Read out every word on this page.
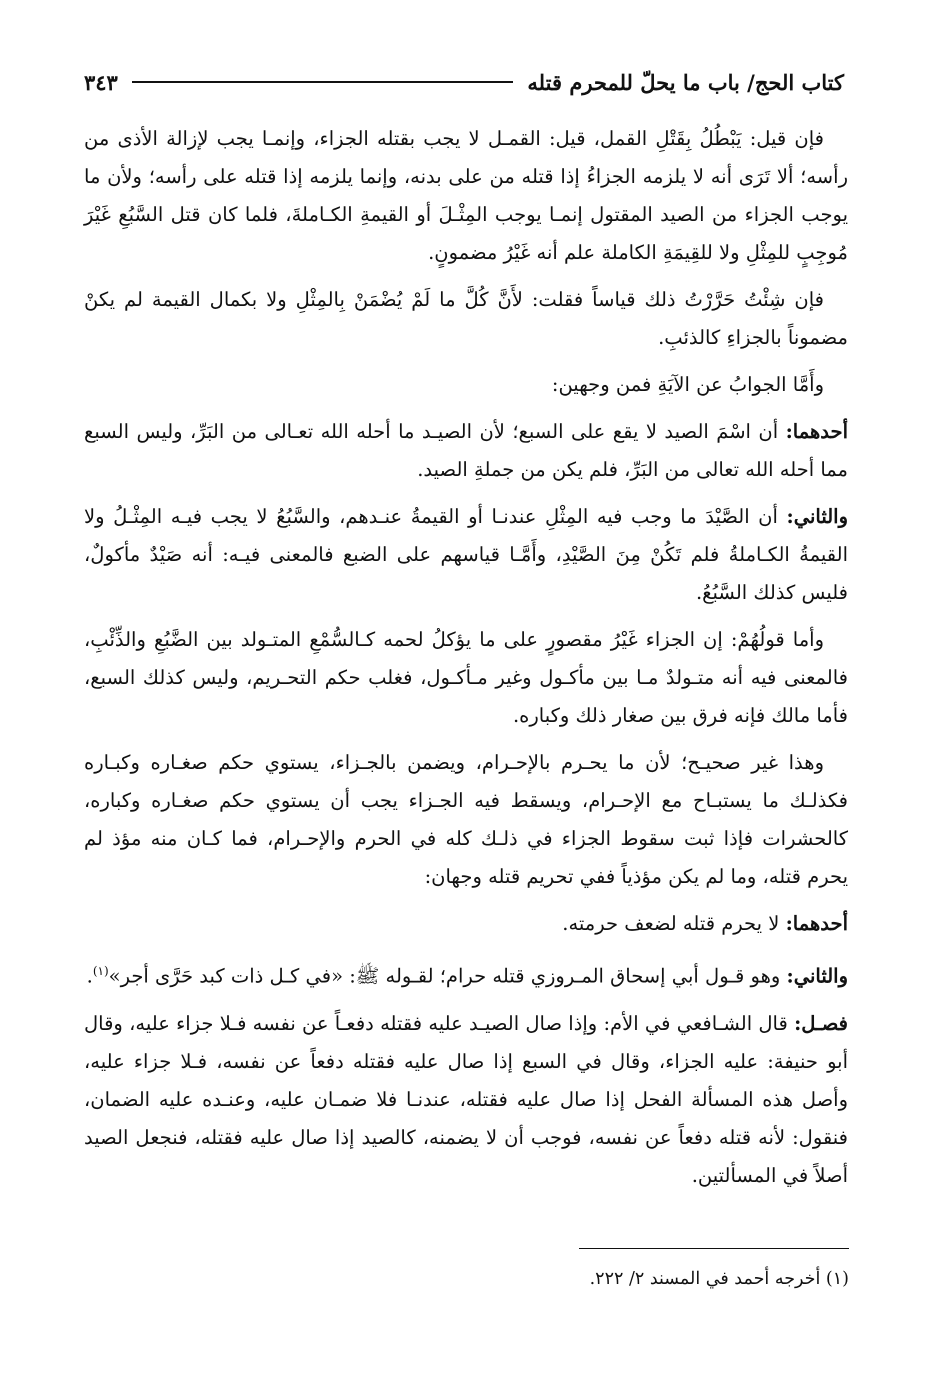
كتاب الحج/ باب ما يحلّ للمحرم قتله
٣٤٣

فإن قيل: يَبْطُلُ بِقَتْلِ القمل، قيل: القمـل لا يجب بقتله الجزاء، وإنمـا يجب لإزالة الأذى من رأسه؛ ألا تَرَى أنه لا يلزمه الجزاءُ إذا قتله من على بدنه، وإنما يلزمه إذا قتله على رأسه؛ ولأن ما يوجب الجزاء من الصيد المقتول إنمـا يوجب المِثْـلَ أو القيمةِ الكـاملةَ، فلما كان قتل السَّبُعِ غَيْرَ مُوجِبٍ للمِثْلِ ولا للقِيمَةِ الكاملة علم أنه غَيْرُ مضمونٍ.

فإن شِئْتُ حَرَّرْتُ ذلك قياساً فقلت: لأَنَّ كُلَّ ما لَمْ يُضْمَنْ بِالمِثْلِ ولا بكمال القيمة لم يكنْ مضموناً بالجزاءِ كالذئبِ.

وأَمَّا الجوابُ عن الآيَةِ فمن وجهين:

أحدهما: أن اسْمَ الصيد لا يقع على السبع؛ لأن الصيـد ما أحله الله تعـالى من البَرِّ، وليس السبع مما أحله الله تعالى من البَرِّ، فلم يكن من جملةِ الصيد.

والثاني: أن الصَّيْدَ ما وجب فيه المِثْلِ عندنـا أو القيمةُ عنـدهم، والسَّبُعُ لا يجب فيـه المِثْـلُ ولا القيمةُ الكـاملةُ فلم تَكُنْ مِنَ الصَّيْدِ، وأَمَّـا قياسهم على الضبع فالمعنى فيـه: أنه صَيْدٌ مأكولٌ، فليس كذلك السَّبُعُ.

وأما قولُهُمْ: إن الجزاء غَيْرُ مقصورٍ على ما يؤكلُ لحمه كـالسُّمْعِ المتـولد بين الضَّبُعِ والذِّئْبِ، فالمعنى فيه أنه متـولدٌ مـا بين مأكـول وغير مـأكـول، فغلب حكم التحـريم، وليس كذلك السبع، فأما مالك فإنه فرق بين صغار ذلك وكباره.

وهذا غير صحيـح؛ لأن ما يحـرم بالإحـرام، ويضمن بالجـزاء، يستوي حكم صغـاره وكبـاره فكذلـك ما يستبـاح مع الإحـرام، ويسقط فيه الجـزاء يجب أن يستوي حكم صغـاره وكباره، كالحشرات فإذا ثبت سقوط الجزاء في ذلـك كله في الحرم والإحـرام، فما كـان منه مؤذ لم يحرم قتله، وما لم يكن مؤذياً ففي تحريم قتله وجهان:

أحدهما: لا يحرم قتله لضعف حرمته.

والثاني: وهو قـول أبي إسحاق المـروزي قتله حرام؛ لقـوله ﷺ: «في كـل ذات كبد حَرَّى أجر»$^{(١)}$.

فصـل: قال الشـافعي في الأم: وإذا صال الصيـد عليه فقتله دفعـاً عن نفسه فـلا جزاء عليه، وقال أبو حنيفة: عليه الجزاء، وقال في السبع إذا صال عليه فقتله دفعاً عن نفسه، فـلا جزاء عليه، وأصل هذه المسألة الفحل إذا صال عليه فقتله، عندنـا فلا ضمـان عليه، وعنـده عليه الضمان، فنقول: لأنه قتله دفعاً عن نفسه، فوجب أن لا يضمنه، كالصيد إذا صال عليه فقتله، فنجعل الصيد أصلاً في المسألتين.

(١) أخرجه أحمد في المسند ٢/ ٢٢٢.
